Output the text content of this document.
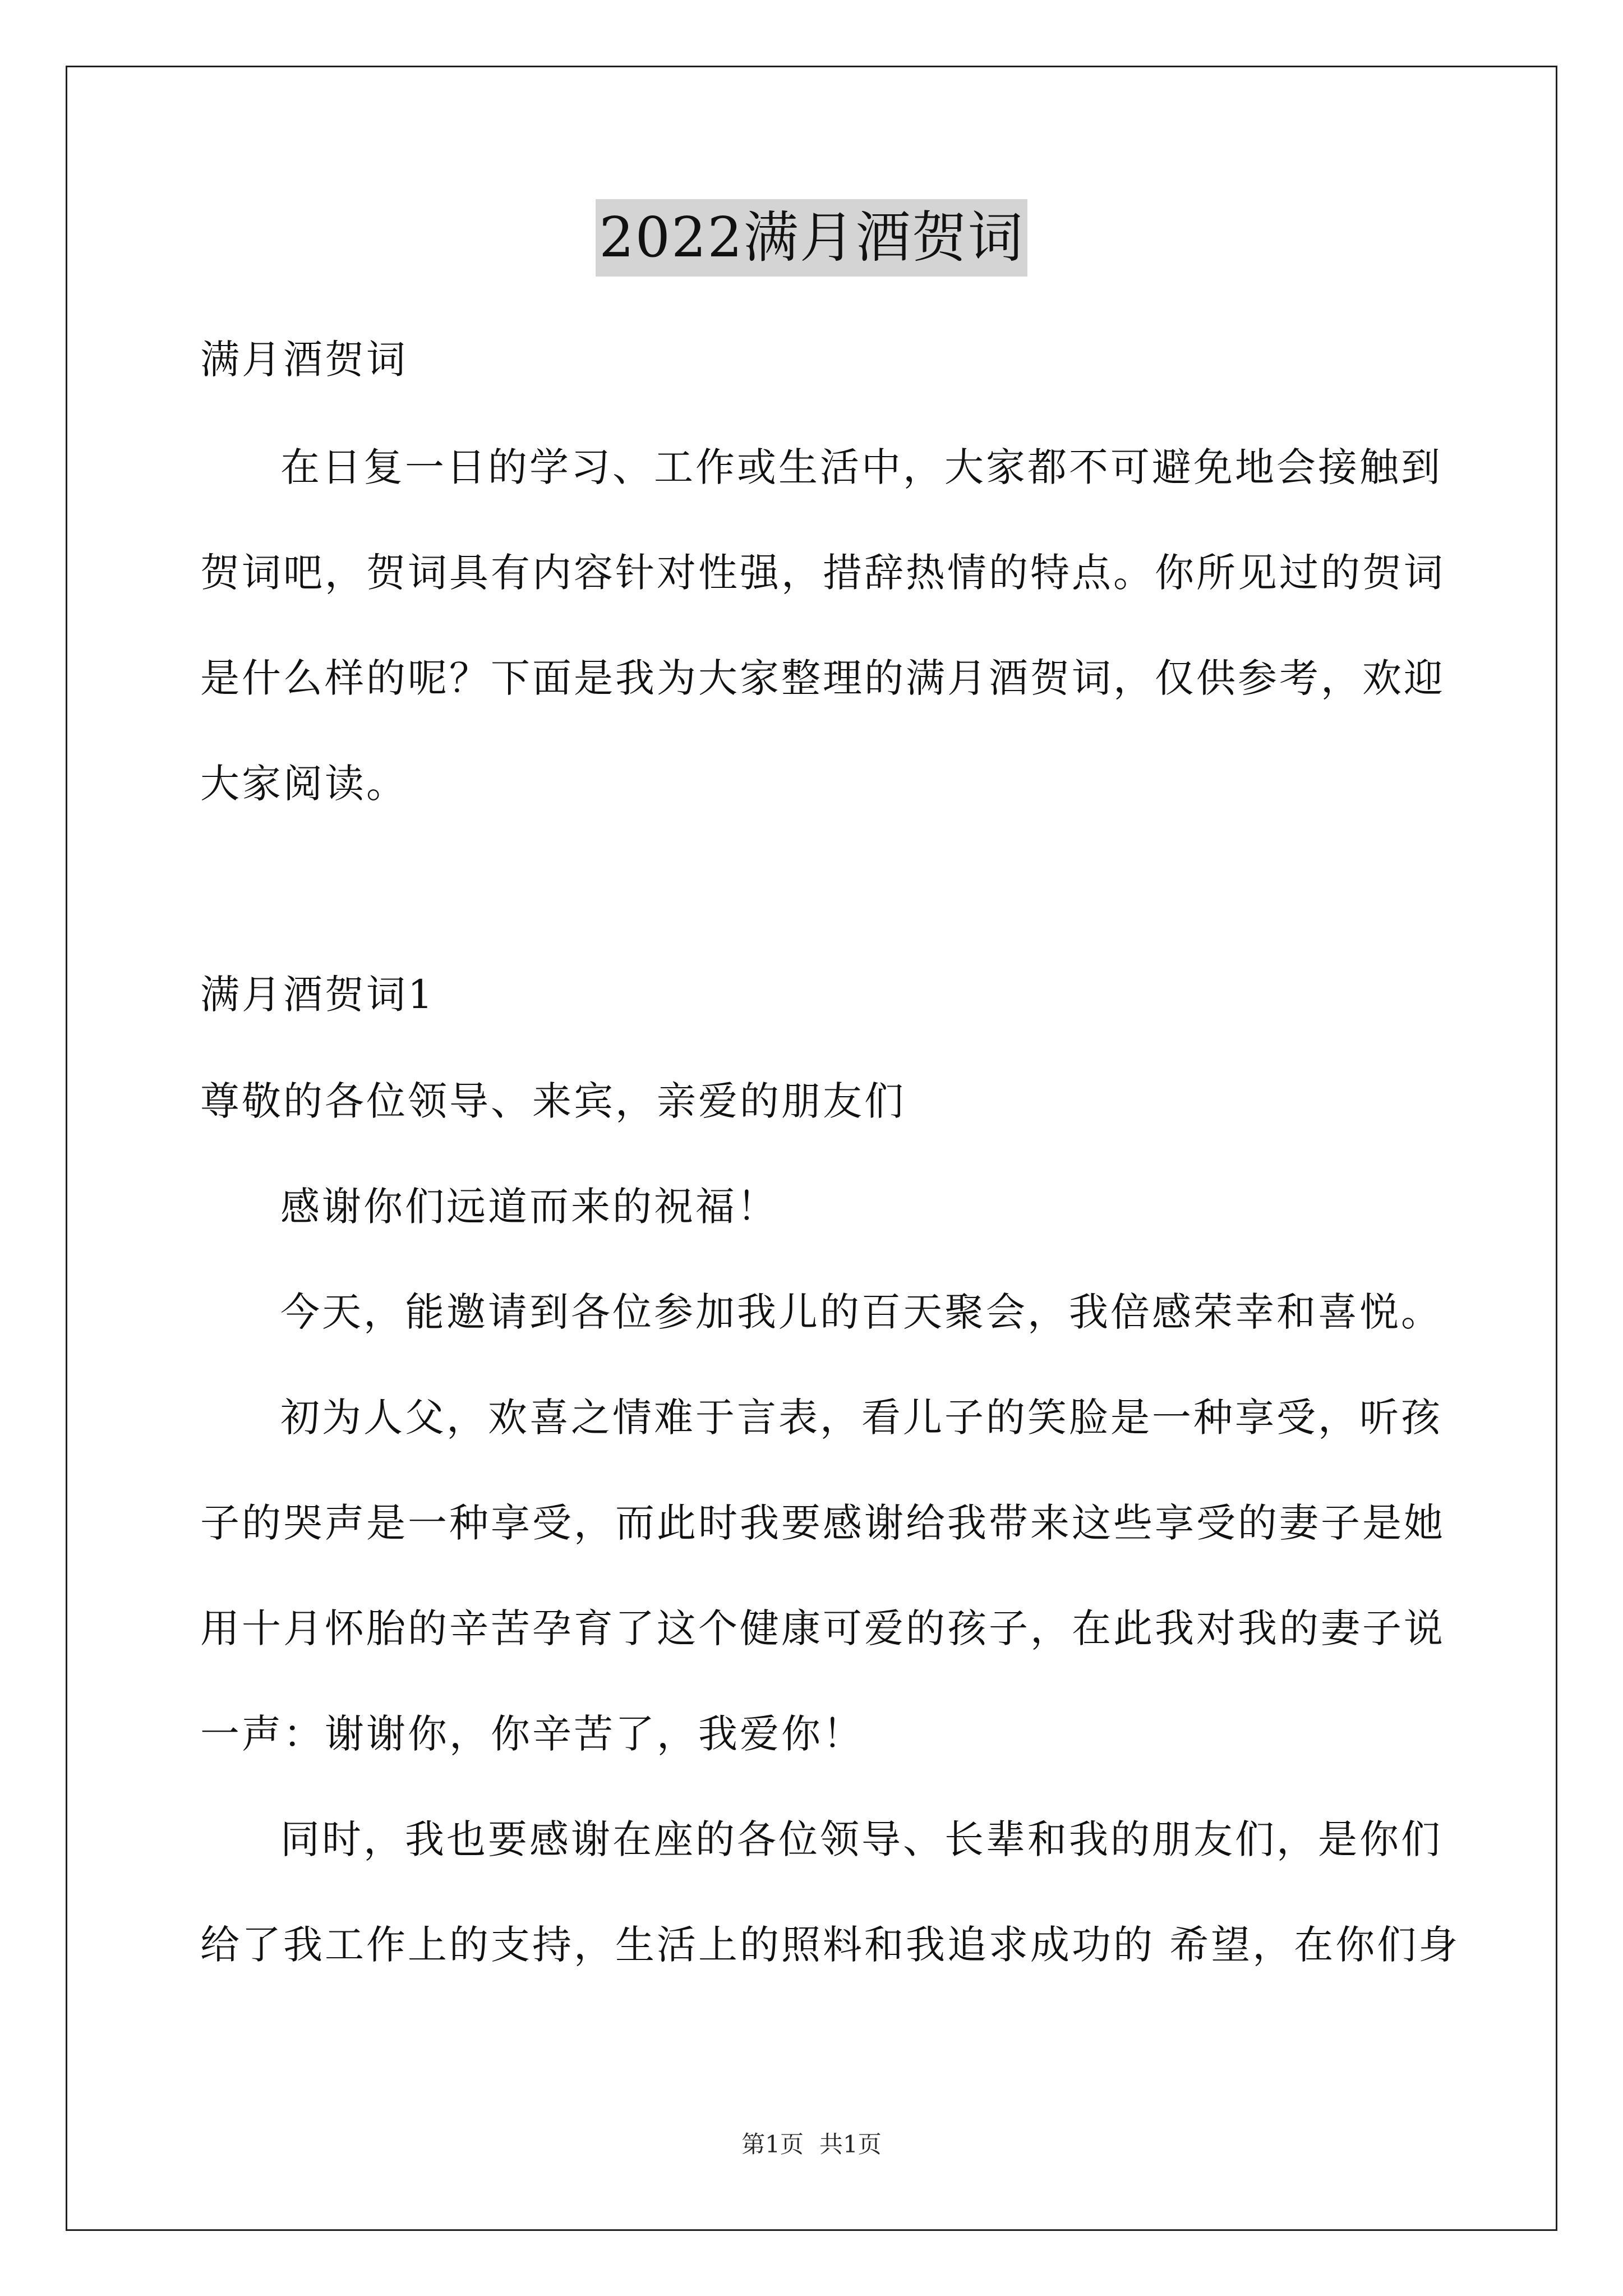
2022满月酒贺词
满月酒贺词
在日复一日的学习、工作或生活中，大家都不可避免地会接触到
贺词吧，贺词具有内容针对性强，措辞热情的特点。你所见过的贺词
是什么样的呢？下面是我为大家整理的满月酒贺词，仅供参考，欢迎
大家阅读。
满月酒贺词1
尊敬的各位领导、来宾，亲爱的朋友们
感谢你们远道而来的祝福！
今天，能邀请到各位参加我儿的百天聚会，我倍感荣幸和喜悦。
初为人父，欢喜之情难于言表，看儿子的笑脸是一种享受，听孩
子的哭声是一种享受，而此时我要感谢给我带来这些享受的妻子是她
用十月怀胎的辛苦孕育了这个健康可爱的孩子，在此我对我的妻子说
一声：谢谢你，你辛苦了，我爱你！
同时，我也要感谢在座的各位领导、长辈和我的朋友们，是你们
给了我工作上的支持，生活上的照料和我追求成功的 希望，在你们身
第1页 共1页
